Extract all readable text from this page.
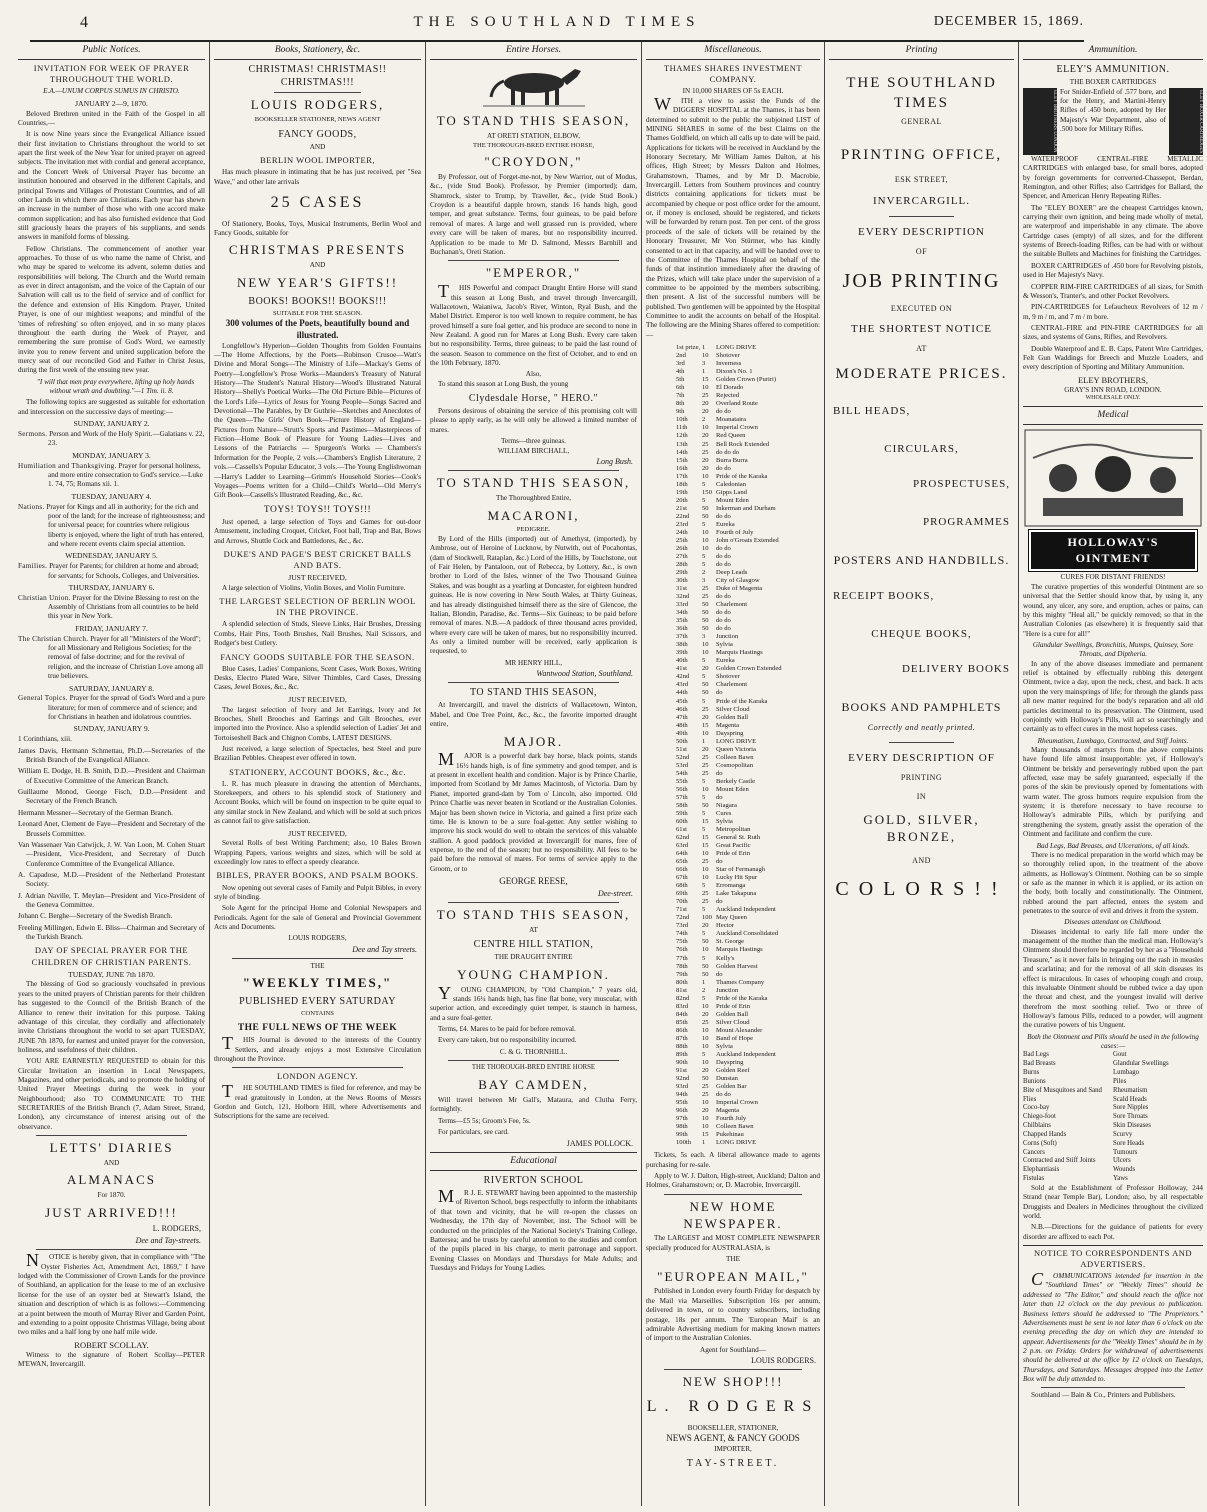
4	THE SOUTHLAND TIMES	DECEMBER 15, 1869.
Public Notices.
INVITATION FOR WEEK OF PRAYER THROUGHOUT THE WORLD.
E.A.—UNUM CORPUS SUMUS IN CHRISTO.
JANUARY 2—9, 1870.

Beloved Brethren united in the Faith of the Gospel in all Countries,—

It is now Nine years since the Evangelical Alliance issued their first invitation to Christians throughout the world to set apart the first week of the New Year for united prayer on agreed subjects. The invitation met with cordial and general acceptance, and the Concert Week of Universal Prayer has become an institution honoured and observed in the different Capitals, and principal Towns and Villages of Protestant Countries, and of all other Lands in which there are Christians. Each year has shewn an increase in the number of those who with one accord make common supplication; and has also furnished evidence that God still graciously hears the prayers of his suppliants, and sends answers in manifold forms of blessing.

Fellow Christians. The commencement of another year approaches. To those of us who name the name of Christ, and who may be spared to welcome its advent, solemn duties and responsibilities will belong. The Church and the World remain as ever in direct antagonism, and the voice of the Captain of our Salvation will call us to the field of service and of conflict for the defence and extension of His Kingdom. Prayer, United Prayer, is one of our mightiest weapons; and mindful of the 'times of refreshing' so often enjoyed, and in so many places throughout the earth during the Week of Prayer, and remembering the sure promise of God's Word, we earnestly invite you to renew fervent and united supplication before the mercy seat of our reconciled God and Father in Christ Jesus, during the first week of the ensuing new year.

"I will that men pray everywhere, lifting up holy hands without wrath and doubting."—1 Tim. ii. 8.

The following topics are suggested as suitable for exhortation and intercession on the successive days of meeting:—

SUNDAY, JANUARY 2.
Sermons. Person and Work of the Holy Spirit.—Galatians v. 22, 23.
MONDAY, JANUARY 3.
Humiliation and Thanksgiving. Prayer for personal holiness, and more entire consecration to God's service.—Luke 1. 74, 75; Romans xii. 1.
TUESDAY, JANUARY 4.
Nations. Prayer for Kings and all in authority; for the rich and poor of the land; for the increase of righteousness; and for universal peace; for countries where religious liberty is enjoyed, where the light of truth has entered, and where recent events claim special attention.
WEDNESDAY, JANUARY 5.
Families. Prayer for Parents; for children at home and abroad; for servants; for Schools, Colleges, and Universities.
THURSDAY, JANUARY 6.
Christian Union. Prayer for the Divine Blessing to rest on the Assembly of Christians from all countries to be held this year in New York.
FRIDAY, JANUARY 7.
The Christian Church. Prayer for all "Ministers of the Word"; for all Missionary and Religious Societies; for the removal of false doctrine; and for the revival of religion, and the increase of Christian Love among all true believers.
SATURDAY, JANUARY 8.
General Topics. Prayer for the spread of God's Word and a pure literature; for men of commerce and of science; and for Christians in heathen and idolatrous countries.
SUNDAY, JANUARY 9.
1 Corinthians, xiii.

James Davis, Hermann Schmettau, Ph.D.—Secretaries of the British Branch of the Evangelical Alliance.

William E. Dodge, H. B. Smith, D.D.—President and Chairman of Executive Committee of the American Branch.

Guillaume Monod, George Fisch, D.D.—President and Secretary of the French Branch.

Hermann Messner—Secretary of the German Branch.

Leonard Anet, Clement de Faye—President and Secretary of the Brussels Committee.

Van Wassenaer Van Catwijck, J. W. Van Loon, M. Cohen Stuart—President, Vice-President, and Secretary of Dutch Conference Committee of the Evangelical Alliance.

A. Capadose, M.D.—President of the Netherland Protestant Society.

J. Adrian Naville, T. Meylan—President and Vice-President of the Geneva Committee.

Johann C. Berghe—Secretary of the Swedish Branch.

Freeling Millingen, Edwin E. Bliss—Chairman and Secretary of the Turkish Branch.

DAY OF SPECIAL PRAYER FOR THE CHILDREN OF CHRISTIAN PARENTS.
TUESDAY, JUNE 7th 1870.

The blessing of God so graciously vouchsafed in previous years to the united prayers of Christian parents for their children has suggested to the Council of the British Branch of the Alliance to renew their invitation for this purpose. Taking advantage of this circular, they cordially and affectionately invite Christians throughout the world to set apart TUESDAY, JUNE 7th 1870, for earnest and united prayer for the conversion, holiness, and usefulness of their children.

YOU ARE EARNESTLY REQUESTED to obtain for this Circular Invitation an insertion in Local Newspapers, Magazines, and other periodicals, and to promote the holding of United Prayer Meetings during the week in your Neighbourhood; also TO COMMUNICATE TO THE SECRETARIES of the British Branch (7, Adam Street, Strand, London), any circumstance of interest arising out of the observance.

LETTS' DIARIES
AND
ALMANACS
For 1870.
JUST ARRIVED!!!
L. RODGERS,
Dee and Tay-streets.

NOTICE is hereby given, that in compliance with "The Oyster Fisheries Act, Amendment Act, 1869," I have lodged with the Commissioner of Crown Lands for the province of Southland, an application for the lease to me of an exclusive license for the use of an oyster bed at Stewart's Island, the situation and description of which is as follows:—Commencing at a point between the mouth of Murray River and Garden Point, and extending to a point opposite Christmas Village, being about two miles and a half long by one half mile wide.

ROBERT SCOLLAY.

Witness to the signature of Robert Scollay—PETER M'EWAN, Invercargill.

Books, Stationery, &c.
CHRISTMAS! CHRISTMAS!! CHRISTMAS!!!
LOUIS RODGERS,
BOOKSELLER STATIONER, NEWS AGENT
FANCY GOODS,
AND
BERLIN WOOL IMPORTER,

Has much pleasure in intimating that he has just received, per "Sea Wave," and other late arrivals

25 CASES

Of Stationery, Books, Toys, Musical Instruments, Berlin Wool and Fancy Goods, suitable for

CHRISTMAS PRESENTS
AND
NEW YEAR'S GIFTS!!
BOOKS! BOOKS!! BOOKS!!!
SUITABLE FOR THE SEASON.
300 volumes of the Poets, beautifully bound and illustrated.

Longfellow's Hyperion—Golden Thoughts from Golden Fountains—The Home Affections, by the Poets—Robinson Crusoe—Watt's Divine and Moral Songs—The Ministry of Life—Mackay's Gems of Poetry—Longfellow's Prose Works—Maunders's Treasury of Natural History—The Student's Natural History—Wood's Illustrated Natural History—Shelly's Poetical Works—The Old Picture Bible—Pictures of the Lord's Life—Lyrics of Jesus for Young People—Songs Sacred and Devotional—The Parables, by Dr Guthrie—Sketches and Anecdotes of the Queen—The Girls' Own Book—Picture History of England—Pictures from Nature—Strutt's Sports and Pastimes—Masterpieces of Fiction—Home Book of Pleasure for Young Ladies—Lives and Lessons of the Patriarchs — Spurgeon's Works — Chambers's Information for the People, 2 vols.—Chambers's English Literature, 2 vols.—Cassells's Popular Educator, 3 vols.—The Young Englishwoman—Harry's Ladder to Learning—Grimm's Household Stories—Cook's Voyages—Poems written for a Child—Child's World—Old Merry's Gift Book—Cassells's Illustrated Reading, &c., &c.

TOYS! TOYS!! TOYS!!!

Just opened, a large selection of Toys and Games for out-door Amusement, including Croquet, Cricket, Foot ball, Trap and Bat, Bows and Arrows, Shuttle Cock and Battledores, &c., &c.

DUKE'S AND PAGE'S BEST CRICKET BALLS AND BATS.
JUST RECEIVED,

A large selection of Violins, Violin Boxes, and Violin Furniture.

THE LARGEST SELECTION OF BERLIN WOOL IN THE PROVINCE.

A splendid selection of Studs, Sleeve Links, Hair Brushes, Dressing Combs, Hair Pins, Tooth Brushes, Nail Brushes, Nail Scissors, and Rodger's best Cutlery.

FANCY GOODS SUITABLE FOR THE SEASON.

Blue Cases, Ladies' Companions, Scent Cases, Work Boxes, Writing Desks, Electro Plated Ware, Silver Thimbles, Card Cases, Dressing Cases, Jewel Boxes, &c., &c.

JUST RECEIVED,

The largest selection of Ivory and Jet Earrings, Ivory and Jet Brooches, Shell Brooches and Earrings and Gilt Brooches, ever imported into the Province. Also a splendid selection of Ladies' Jet and Tortoiseshell Back and Chignon Combs, LATEST DESIGNS.

Just received, a large selection of Spectacles, best Steel and pure Brazilian Pebbles. Cheapest ever offered in town.

STATIONERY, ACCOUNT BOOKS, &c., &c.

L. R. has much pleasure in drawing the attention of Merchants, Storekeepers, and others to his splendid stock of Stationery and Account Books, which will be found on inspection to be quite equal to any similar stock in New Zealand, and which will be sold at such prices as cannot fail to give satisfaction.

JUST RECEIVED,

Several Rolls of best Writing Parchment; also, 10 Bales Brown Wrapping Papers, various weights and sizes, which will be sold at exceedingly low rates to effect a speedy clearance.

BIBLES, PRAYER BOOKS, AND PSALM BOOKS.

Now opening out several cases of Family and Pulpit Bibles, in every style of binding.

Sole Agent for the principal Home and Colonial Newspapers and Periodicals. Agent for the sale of General and Provincial Government Acts and Documents.

LOUIS RODGERS,
Dee and Tay streets.
THE
"WEEKLY TIMES,"
PUBLISHED EVERY SATURDAY
CONTAINS
THE FULL NEWS OF THE WEEK

THIS Journal is devoted to the interests of the Country Settlers, and already enjoys a most Extensive Circulation throughout the Province.

LONDON AGENCY.

THE SOUTHLAND TIMES is filed for reference, and may be read gratuitously in London, at the News Rooms of Messrs Gordon and Gotch, 121, Holborn Hill, where Advertisements and Subscriptions for the same are received.

Entire Horses.
TO STAND THIS SEASON,
AT ORETI STATION, ELBOW,
THE THOROUGH-BRED ENTIRE HORSE,
"CROYDON,"

By Professor, out of Forget-me-not, by New Warrior, out of Modus, &c., (vide Stud Book). Professor, by Premier (imported); dam, Shamrock, sister to Trump, by Traveller, &c., (vide Stud Book.) Croydon is a beautiful dapple brown, stands 16 hands high, good temper, and great substance. Terms, four guineas, to be paid before removal of mares. A large and well grassed run is provided, where every care will be taken of mares, but no responsibility incurred. Application to be made to Mr D. Salmond, Messrs Barnhill and Buchanan's, Oreti Station.

"EMPEROR,"

THIS Powerful and compact Draught Entire Horse will stand this season at Long Bush, and travel through Invercargill, Wallacetown, Waianiwa, Jacob's River, Winton, Ryal Bush, and the Mabel District. Emperor is too well known to require comment, he has proved himself a sure foal getter, and his produce are second to none in New Zealand. A good run for Mares at Long Bush. Every care taken but no responsibility. Terms, three guineas; to be paid the last round of the season. Season to commence on the first of October, and to end on the 10th February, 1870.

Also,

To stand this season at Long Bush, the young

Clydesdale Horse, " HERO."

Persons desirous of obtaining the service of this promising colt will please to apply early, as he will only be allowed a limited number of mares.

Terms—three guineas.
WILLIAM BIRCHALL,
Long Bush.
TO STAND THIS SEASON,
The Thoroughbred Entire,
MACARONI,
PEDIGREE.

By Lord of the Hills (imported) out of Amethyst, (imported), by Ambrose, out of Heroine of Lucknow, by Nutwith, out of Pocahontas, (dam of Stockwell, Rataplan, &c.) Lord of the Hills, by Touchstone, out of Fair Helen, by Pantaloon, out of Rebecca, by Lottery, &c., is own brother to Lord of the Isles, winner of the Two Thousand Guinea Stakes, and was bought as a yearling at Doncaster, for eighteen hundred guineas. He is now covering in New South Wales, at Thirty Guineas, and has already distinguished himself there as the sire of Glencoe, the Italian, Blondin, Paradise, &c. Terms—Six Guineas; to be paid before removal of mares. N.B.—A paddock of three thousand acres provided, where every care will be taken of mares, but no responsibility incurred. As only a limited number will be received, early application is requested, to

MR HENRY HILL,
Wantwood Station, Southland.
TO STAND THIS SEASON,

At Invercargill, and travel the districts of Wallacetown, Winton, Mabel, and One Tree Point, &c., &c., the favorite imported draught entire,

MAJOR.

MAJOR is a powerful dark bay horse, black points, stands 16½ hands high, is of fine symmetry and good temper, and is at present in excellent health and condition. Major is by Prince Charlie, imported from Scotland by Mr James Macintosh, of Victoria. Dam by Pianet, imported grand-dam by Tom o' Lincoln, also imported. Old Prince Charlie was never beaten in Scotland or the Australian Colonies. Major has been shown twice in Victoria, and gained a first prize each time. He is known to be a sure foal-getter. Any settler wishing to improve his stock would do well to obtain the services of this valuable stallion. A good paddock provided at Invercargill for mares, free of expense, to the end of the season; but no responsibility. All fees to be paid before the removal of mares. For terms of service apply to the Groom, or to

GEORGE REESE,
Dee-street.
TO STAND THIS SEASON,
AT
CENTRE HILL STATION,
THE DRAUGHT ENTIRE
YOUNG CHAMPION.

YOUNG CHAMPION, by "Old Champion," 7 years old, stands 16¼ hands high, has fine flat bone, very muscular, with superior action, and exceedingly quiet temper, is staunch in harness, and a sure foal-getter.

Terms, £4. Mares to be paid for before removal.

Every care taken, but no responsibility incurred.

C. & G. THORNHILL.
THE THOROUGH-BRED ENTIRE HORSE
BAY CAMDEN,

Will travel between Mr Gall's, Mataura, and Clutha Ferry, fortnightly.

Terms—£5 5s; Groom's Fee, 5s.

For particulars, see card.

JAMES POLLOCK.
Educational
RIVERTON SCHOOL

MR J. E. STEWART having been appointed to the mastership of Riverton School, begs respectfully to inform the inhabitants of that town and vicinity, that he will re-open the classes on Wednesday, the 17th day of November, inst. The School will be conducted on the principles of the National Society's Training College, Battersea; and he trusts by careful attention to the studies and comfort of the pupils placed in his charge, to merit patronage and support. Evening Classes on Mondays and Thursdays for Male Adults; and Tuesdays and Fridays for Young Ladies.

Miscellaneous.
THAMES SHARES INVESTMENT COMPANY.
IN 10,000 SHARES OF 5s EACH.

WITH a view to assist the Funds of the DIGGERS' HOSPITAL at the Thames, it has been determined to submit to the public the subjoined LIST of MINING SHARES in some of the best Claims on the Thames Goldfield, on which all calls up to date will be paid. Applications for tickets will be received in Auckland by the Honorary Secretary, Mr William James Dalton, at his offices, High Street; by Messrs Dalton and Holmes, Grahamstown, Thames, and by Mr D. Macrobie, Invercargill. Letters from Southern provinces and country districts containing applications for tickets must be accompanied by cheque or post office order for the amount, or, if money is enclosed, should be registered, and tickets will be forwarded by return post. Ten per cent. of the gross proceeds of the sale of tickets will be retained by the Honorary Treasurer, Mr Von Stürmer, who has kindly consented to act in that capacity, and will be handed over to the Committee of the Thames Hospital on behalf of the funds of that institution immediately after the drawing of the Prizes, which will take place under the supervision of a committee to be appointed by the members subscribing, then present. A list of the successful numbers will be published. Two gentlemen will be appointed by the Hospital Committee to audit the accounts on behalf of the Hospital. The following are the Mining Shares offered to competition:—

1st prize, 1	LONG DRIVE
2nd	10	Shotover
3rd	3	Inverness
4th	1	Dixon's No. 1
5th	15	Golden Crown (Puriri)
6th	10	El Dorado
7th	25	Rejected
8th	20	Overland Route
9th	20	do do
10th	2	Moanataira
11th	10	Imperial Crown
12th	20	Red Queen
13th	25	Bell Rock Extended
14th	25	do do do
15th	20	Burra Burra
16th	20	do do
17th	10	Pride of the Karaka
18th	5	Caledonian
19th	150 Gipps Land
20th	5	Mount Eden
21st	50	Inkerman and Durham
22nd	50	do do
23rd	5	Eureka
24th	10	Fourth of July
25th	10	John o'Groats Extended
26th	10	do do
27th	5	do do
28th	5	do do
29th	2	Deep Leads
30th	3	City of Glasgow
31st	25	Duke of Magenta
32nd	25	do do
33rd	50	Charlemont
34th	50	do do
35th	50	do do
36th	50	do do
37th	3	Junction
38th	10	Sylvia
39th	10	Marquis Hastings
40th	5	Eureka
41st	20	Golden Crown Extended
42nd	5	Shotover
43rd	50	Charlemont
44th	50	do
45th	5	Pride of the Karaka
46th	25	Silver Cloud
47th	20	Golden Ball
48th	15	Magenta
49th	10	Dayspring
50th	1	LONG DRIVE
51st	20	Queen Victoria
52nd	25	Colleen Bawn
53rd	25	Cosmopolitan
54th	25	do
55th	5	Berkely Castle
56th	10	Mount Eden
57th	5	do
58th	50	Niagara
59th	5	Cures
60th	15	Sylvia
61st	5	Metropolitan
62nd	15	General St. Ruth
63rd	15	Great Pacific
64th	10	Pride of Erin
65th	25	do
66th	10	Star of Fermanagh
67th	10	Lucky Hit Spur
68th	5	Erromanga
69th	25	Lake Takapuna
70th	25	do
71st	5	Auckland Independent
72nd	100 May Queen
73rd	20	Hector
74th	5	Auckland Consolidated
75th	50	St. George
76th	10	Marquis Hastings
77th	5	Kelly's
78th	50	Golden Harvest
79th	50	do
80th	1	Thames Company
81st	2	Junction
82nd	5	Pride of the Karaka
83rd	10	Pride of Erin
84th	20	Golden Ball
85th	25	Silver Cloud
86th	10	Mount Alexander
87th	10	Band of Hope
88th	10	Sylvia
89th	5	Auckland Independent
90th	10	Dayspring
91st	20	Golden Reef
92nd	50	Dunstan
93rd	25	Golden Bar
94th	25	do do
95th	10	Imperial Crown
96th	20	Magenta
97th	10	Fourth July
98th	10	Colleen Bawn
99th	15	Pukehinau
100th	1	LONG DRIVE

Tickets, 5s each. A liberal allowance made to agents purchasing for re-sale.

Apply to W. J. Dalton, High-street, Auckland; Dalton and Holmes, Grahamstown; or, D. Macrobie, Invercargill.

NEW HOME NEWSPAPER.

The LARGEST and MOST COMPLETE NEWSPAPER specially produced for AUSTRALASIA, is

THE
"EUROPEAN MAIL,"

Published in London every fourth Friday for despatch by the Mail via Marseilles. Subscription 16s per annum, delivered in town, or to country subscribers, including postage, 18s per annum. The 'European Mail' is an admirable Advertising medium for making known matters of import to the Australian Colonies.

Agent for Southland—
LOUIS RODGERS.
NEW SHOP!!!
L. RODGERS
BOOKSELLER, STATIONER,
NEWS AGENT, & FANCY GOODS
IMPORTER,
TAY-STREET.
Printing
THE SOUTHLAND TIMES
GENERAL
PRINTING OFFICE,
ESK STREET,
INVERCARGILL.
EVERY DESCRIPTION
OF
JOB PRINTING
EXECUTED ON
THE SHORTEST NOTICE
AT
MODERATE PRICES.
BILL HEADS,
CIRCULARS,
PROSPECTUSES,
PROGRAMMES
POSTERS AND HANDBILLS.
RECEIPT BOOKS,
CHEQUE BOOKS,
DELIVERY BOOKS
BOOKS AND PAMPHLETS
Correctly and neatly printed.
EVERY DESCRIPTION OF
PRINTING
IN
GOLD, SILVER, BRONZE,
AND
COLORS!!
Ammunition.
ELEY'S AMMUNITION.
THE BOXER CARTRIDGES
ELEY BROTHERS LONDON For Snider-Enfield of .577 bore, and for the Henry, and Martini-Henry Rifles of .450 bore, adopted by Her Majesty's War Department, also of .500 bore for Military Rifles.	ELEY BOXER CARTRIDGES

WATERPROOF CENTRAL-FIRE METALLIC CARTRIDGES with enlarged base, for small bores, adopted by foreign governments for converted-Chassepot, Berdan, Remington, and other Rifles; also Cartridges for Ballard, the Spencer, and American Henry Repeating Rifles.

The "ELEY BOXER" are the cheapest Cartridges known, carrying their own ignition, and being made wholly of metal, are waterproof and imperishable in any climate. The above Cartridge cases (empty) of all sizes, and for the different systems of Breech-loading Rifles, can be had with or without the suitable Bullets and Machines for finishing the Cartridges.

BOXER CARTRIDGES of .450 bore for Revolving pistols, used in Her Majesty's Navy.

COPPER RIM-FIRE CARTRIDGES of all sizes, for Smith & Wesson's, Tranter's, and other Pocket Revolvers.

PIN-CARTRIDGES for Lefaucheux Revolvers of 12 m / m, 9 m / m, and 7 m / m bore.

CENTRAL-FIRE and PIN-FIRE CARTRIDGES for all sizes, and systems of Guns, Rifles, and Revolvers.

Double Waterproof and E. B. Caps, Patent Wire Cartridges, Felt Gun Waddings for Breech and Muzzle Loaders, and every description of Sporting and Military Ammunition.

ELEY BROTHERS,
GRAY'S INN ROAD, LONDON.
WHOLESALE ONLY.
Medical
HOLLOWAY'S OINTMENT
CURES FOR DISTANT FRIENDS!

The curative properties of this wonderful Ointment are so universal that the Settler should know that, by using it, any wound, any ulcer, any sore, and eruption, aches or pains, can by this mighty "Heal all," be quickly removed; so that in the Australian Colonies (as elsewhere) it is frequently said that "Here is a cure for all!"

Glandular Swellings, Bronchitis, Mumps, Quinsey, Sore Throats, and Diptheria.

In any of the above diseases immediate and permanent relief is obtained by effectually rubbing this detergent Ointment, twice a day, upon the neck, chest, and back. It acts upon the very mainsprings of life; for through the glands pass all new matter required for the body's reparation and all old particles detrimental to its preservation. The Ointment, used conjointly with Holloway's Pills, will act so searchingly and certainly as to effect cures in the most hopeless cases.

Rheumatism, Lumbago, Contracted, and Stiff Joints.

Many thousands of martyrs from the above complaints have found life almost insupportable: yet, if Holloway's Ointment be briskly and perseveringly rubbed upon the part affected, ease may be safely guaranteed, especially if the pores of the skin be previously opened by fomentations with warm water. The gross humors require expulsion from the system; it is therefore necessary to have recourse to Holloway's admirable Pills, which by purifying and strengthening the system, greatly assist the operation of the Ointment and facilitate and confirm the cure.

Bad Legs, Bad Breasts, and Ulcerations, of all kinds.

There is no medical preparation in the world which may be so thoroughly relied upon, in the treatment of the above ailments, as Holloway's Ointment. Nothing can be so simple or safe as the manner in which it is applied, or its action on the body, both locally and constitutionally. The Ointment, rubbed around the part affected, enters the system and penetrates to the source of evil and drives it from the system.

Diseases attendant on Childhood.

Diseases incidental to early life fall more under the management of the mother than the medical man. Holloway's Ointment should therefore be regarded by her as a "Household Treasure," as it never fails in bringing out the rash in measles and scarlatina; and for the removal of all skin diseases its effect is miraculous. In cases of whooping cough and croup, this invaluable Ointment should be rubbed twice a day upon the throat and chest, and the youngest invalid will derive therefrom the most soothing relief. Two or three of Holloway's famous Pills, reduced to a powder, will augment the curative powers of his Unguent.

Both the Ointment and Pills should be used in the following cases:—
Bad Legs
Bad Breasts
Burns
Bunions
Bite of Musquitoes and Sand Flies
Coco-bay
Chiego-foot
Chilblains
Chapped Hands
Corns (Soft)
Cancers
Contracted and Stiff Joints
Elephantiasis
Fistulas
Gout
Glandular Swellings
Lumbago
Piles
Rheumatism
Scald Heads
Sore Nipples
Sore Throats
Skin Diseases
Scurvy
Sore Heads
Tumours
Ulcers
Wounds
Yaws

Sold at the Establishment of Professor Holloway, 244 Strand (near Temple Bar), London; also, by all respectable Druggists and Dealers in Medicines throughout the civilized world.

N.B.—Directions for the guidance of patients for every disorder are affixed to each Pot.

NOTICE TO CORRESPONDENTS AND ADVERTISERS.

COMMUNICATIONS intended for insertion in the "Southland Times" or "Weekly Times" should be addressed to "The Editor," and should reach the office not later than 12 o'clock on the day previous to publication. Business letters should be addressed to "The Proprietors." Advertisements must be sent in not later than 6 o'clock on the evening preceding the day on which they are intended to appear. Advertisements for the "Weekly Times" should be in by 2 p.m. on Friday. Orders for withdrawal of advertisements should be delivered at the office by 12 o'clock on Tuesdays, Thursdays, and Saturdays. Messages dropped into the Letter Box will be duly attended to.

Southland — Bain & Co., Printers and Publishers.
